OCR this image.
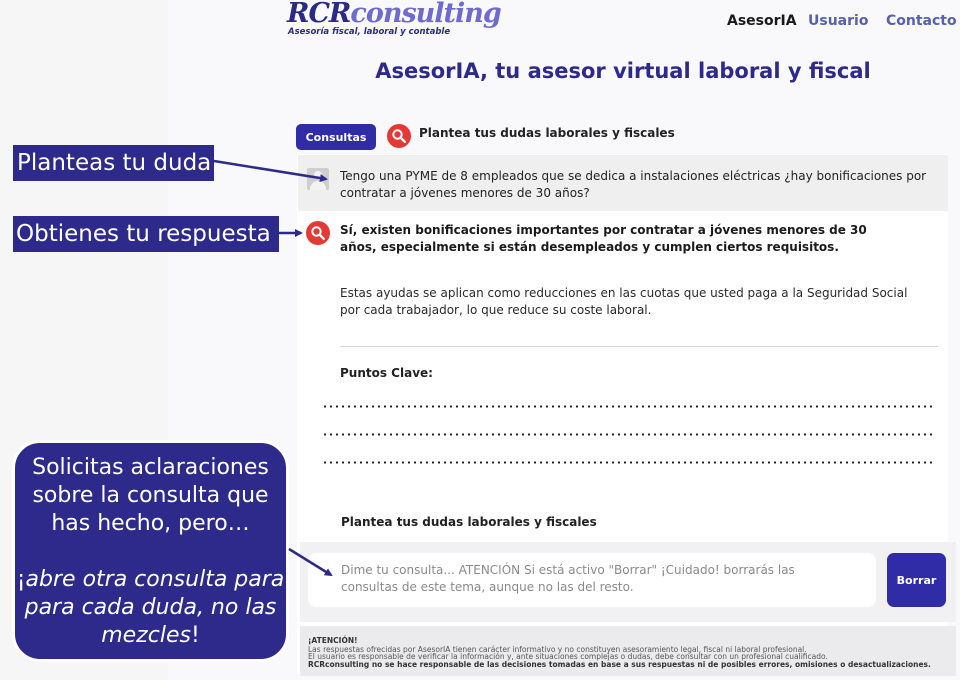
RCRconsulting
Asesoría fiscal, laboral y contable
AsesorIA Usuario Contacto
AsesorIA, tu asesor virtual laboral y fiscal
Consultas	Plantea tus dudas laborales y fiscales
Tengo una PYME de 8 empleados que se dedica a instalaciones eléctricas ¿hay bonificaciones por contratar a jóvenes menores de 30 años?
Sí, existen bonificaciones importantes por contratar a jóvenes menores de 30 años, especialmente si están desempleados y cumplen ciertos requisitos.
Estas ayudas se aplican como reducciones en las cuotas que usted paga a la Seguridad Social por cada trabajador, lo que reduce su coste laboral.
Puntos Clave:
Plantea tus dudas laborales y fiscales
Dime tu consulta... ATENCIÓN Si está activo "Borrar" ¡Cuidado! borrarás las consultas de este tema, aunque no las del resto.
Borrar
¡ATENCIÓN!
Las respuestas ofrecidas por AsesorIA tienen carácter informativo y no constituyen asesoramiento legal, fiscal ni laboral profesional.
El usuario es responsable de verificar la información y, ante situaciones complejas o dudas, debe consultar con un profesional cualificado.
RCRconsulting no se hace responsable de las decisiones tomadas en base a sus respuestas ni de posibles errores, omisiones o desactualizaciones.
Planteas tu duda
Obtienes tu respuesta
Solicitas aclaraciones sobre la consulta que has hecho, pero…
¡abre otra consulta para para cada duda, no las mezcles!
